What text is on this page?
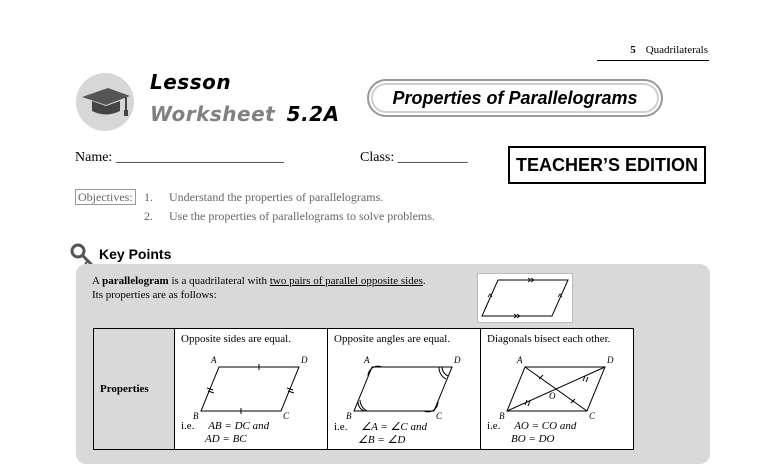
5 Quadrilaterals
Lesson
Worksheet 5.2A
Properties of Parallelograms
Name: ________________________	Class: __________	TEACHER’S EDITION
Objectives: 1. Understand the properties of parallelograms.
2. Use the properties of parallelograms to solve problems.
Key Points
A parallelogram is a quadrilateral with two pairs of parallel opposite sides.
Its properties are as follows:
Properties	
Opposite sides are equal.
A	D
B	C
i.e. AB = DC and
AD = BC

Opposite angles are equal.
A	D
B	C
i.e. ∠A = ∠C and
∠B = ∠D

Diagonals bisect each other.
A	D
B	C
O
i.e. AO = CO and
BO = DO
